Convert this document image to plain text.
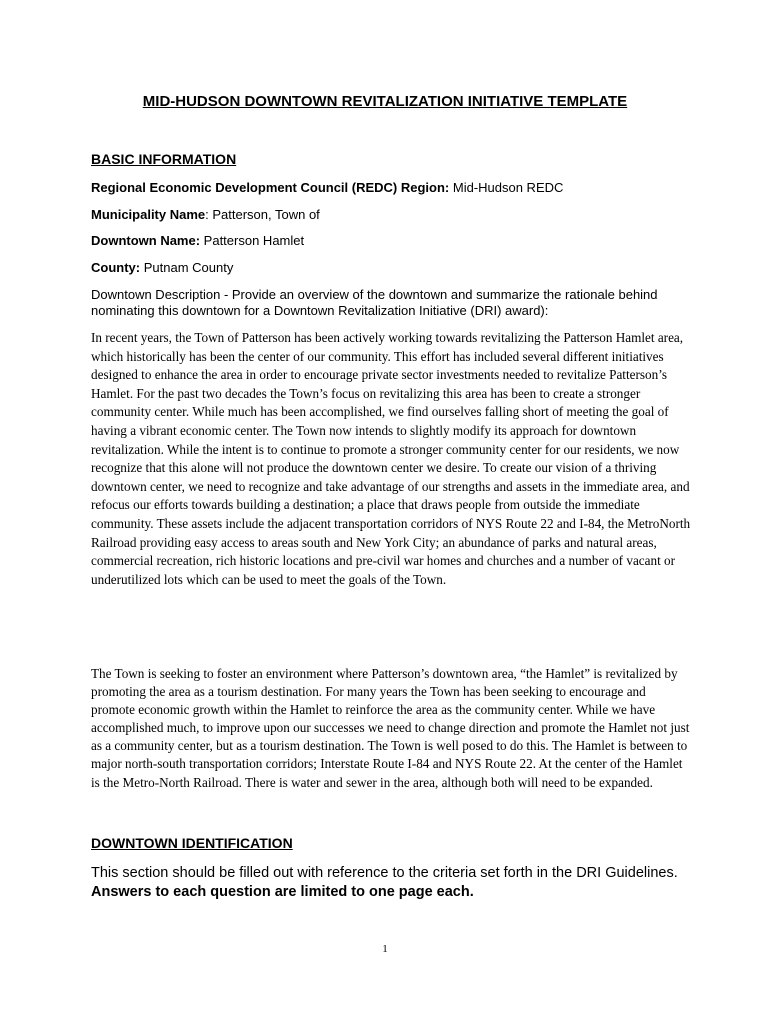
MID-HUDSON DOWNTOWN REVITALIZATION INITIATIVE TEMPLATE
BASIC INFORMATION
Regional Economic Development Council (REDC) Region: Mid-Hudson REDC
Municipality Name: Patterson, Town of
Downtown Name: Patterson Hamlet
County: Putnam County
Downtown Description - Provide an overview of the downtown and summarize the rationale behind nominating this downtown for a Downtown Revitalization Initiative (DRI) award):

In recent years, the Town of Patterson has been actively working towards revitalizing the Patterson Hamlet area, which historically has been the center of our community. This effort has included several different initiatives designed to enhance the area in order to encourage private sector investments needed to revitalize Patterson’s Hamlet. For the past two decades the Town’s focus on revitalizing this area has been to create a stronger community center. While much has been accomplished, we find ourselves falling short of meeting the goal of having a vibrant economic center. The Town now intends to slightly modify its approach for downtown revitalization. While the intent is to continue to promote a stronger community center for our residents, we now recognize that this alone will not produce the downtown center we desire. To create our vision of a thriving downtown center, we need to recognize and take advantage of our strengths and assets in the immediate area, and refocus our efforts towards building a destination; a place that draws people from outside the immediate community. These assets include the adjacent transportation corridors of NYS Route 22 and I-84, the MetroNorth Railroad providing easy access to areas south and New York City; an abundance of parks and natural areas, commercial recreation, rich historic locations and pre-civil war homes and churches and a number of vacant or underutilized lots which can be used to meet the goals of the Town.

The Town is seeking to foster an environment where Patterson’s downtown area, “the Hamlet” is revitalized by promoting the area as a tourism destination. For many years the Town has been seeking to encourage and promote economic growth within the Hamlet to reinforce the area as the community center. While we have accomplished much, to improve upon our successes we need to change direction and promote the Hamlet not just as a community center, but as a tourism destination. The Town is well posed to do this. The Hamlet is between to major north-south transportation corridors; Interstate Route I-84 and NYS Route 22. At the center of the Hamlet is the Metro-North Railroad. There is water and sewer in the area, although both will need to be expanded.

DOWNTOWN IDENTIFICATION
This section should be filled out with reference to the criteria set forth in the DRI Guidelines. Answers to each question are limited to one page each.
1
